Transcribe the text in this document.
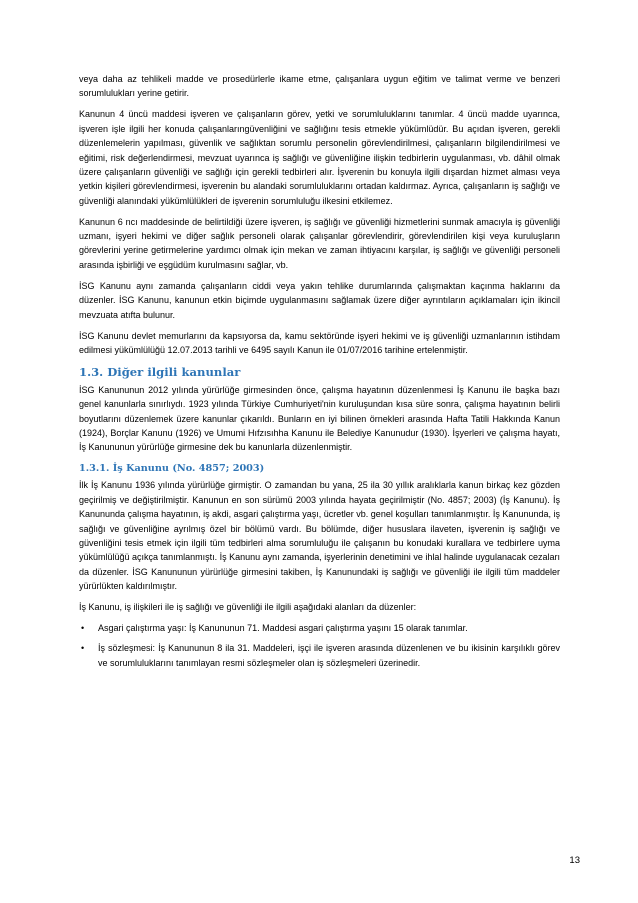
veya daha az tehlikeli madde ve prosedürlerle ikame etme, çalışanlara uygun eğitim ve talimat verme ve benzeri sorumlulukları yerine getirir.

Kanunun 4 üncü maddesi işveren ve çalışanların görev, yetki ve sorumluluklarını tanımlar. 4 üncü madde uyarınca, işveren işle ilgili her konuda çalışanlarıngüvenliğini ve sağlığını tesis etmekle yükümlüdür. Bu açıdan işveren, gerekli düzenlemelerin yapılması, güvenlik ve sağlıktan sorumlu personelin görevlendirilmesi, çalışanların bilgilendirilmesi ve eğitimi, risk değerlendirmesi, mevzuat uyarınca iş sağlığı ve güvenliğine ilişkin tedbirlerin uygulanması, vb. dâhil olmak üzere çalışanların güvenliği ve sağlığı için gerekli tedbirleri alır. İşverenin bu konuyla ilgili dışardan hizmet alması veya yetkin kişileri görevlendirmesi, işverenin bu alandaki sorumluluklarını ortadan kaldırmaz. Ayrıca, çalışanların iş sağlığı ve güvenliği alanındaki yükümlülükleri de işverenin sorumluluğu ilkesini etkilemez.

Kanunun 6 ncı maddesinde de belirtildiği üzere işveren, iş sağlığı ve güvenliği hizmetlerini sunmak amacıyla iş güvenliği uzmanı, işyeri hekimi ve diğer sağlık personeli olarak çalışanlar görevlendirir, görevlendirilen kişi veya kuruluşların görevlerini yerine getirmelerine yardımcı olmak için mekan ve zaman ihtiyacını karşılar, iş sağlığı ve güvenliği personeli arasında işbirliği ve eşgüdüm kurulmasını sağlar, vb.

İSG Kanunu aynı zamanda çalışanların ciddi veya yakın tehlike durumlarında çalışmaktan kaçınma haklarını da düzenler. İSG Kanunu, kanunun etkin biçimde uygulanmasını sağlamak üzere diğer ayrıntıların açıklamaları için ikincil mevzuata atıfta bulunur.

İSG Kanunu devlet memurlarını da kapsıyorsa da, kamu sektöründe işyeri hekimi ve iş güvenliği uzmanlarının istihdam edilmesi yükümlülüğü 12.07.2013 tarihli ve 6495 sayılı Kanun ile 01/07/2016 tarihine ertelenmiştir.

1.3. Diğer ilgili kanunlar

İSG Kanununun 2012 yılında yürürlüğe girmesinden önce, çalışma hayatının düzenlenmesi İş Kanunu ile başka bazı genel kanunlarla sınırlıydı. 1923 yılında Türkiye Cumhuriyeti'nin kuruluşundan kısa süre sonra, çalışma hayatının belirli boyutlarını düzenlemek üzere kanunlar çıkarıldı. Bunların en iyi bilinen örnekleri arasında Hafta Tatili Hakkında Kanun (1924), Borçlar Kanunu (1926) ve Umumi Hıfzısıhha Kanunu ile Belediye Kanunudur (1930). İşyerleri ve çalışma hayatı, İş Kanununun yürürlüğe girmesine dek bu kanunlarla düzenlenmiştir.

1.3.1. İş Kanunu (No. 4857; 2003)

İlk İş Kanunu 1936 yılında yürürlüğe girmiştir. O zamandan bu yana, 25 ila 30 yıllık aralıklarla kanun birkaç kez gözden geçirilmiş ve değiştirilmiştir. Kanunun en son sürümü 2003 yılında hayata geçirilmiştir (No. 4857; 2003) (İş Kanunu). İş Kanununda çalışma hayatının, iş akdi, asgari çalıştırma yaşı, ücretler vb. genel koşulları tanımlanmıştır. İş Kanununda, iş sağlığı ve güvenliğine ayrılmış özel bir bölümü vardı. Bu bölümde, diğer hususlara ilaveten, işverenin iş sağlığı ve güvenliğini tesis etmek için ilgili tüm tedbirleri alma sorumluluğu ile çalışanın bu konudaki kurallara ve tedbirlere uyma yükümlülüğü açıkça tanımlanmıştı. İş Kanunu aynı zamanda, işyerlerinin denetimini ve ihlal halinde uygulanacak cezaları da düzenler. İSG Kanununun yürürlüğe girmesini takiben, İş Kanunundaki iş sağlığı ve güvenliği ile ilgili tüm maddeler yürürlükten kaldırılmıştır.

İş Kanunu, iş ilişkileri ile iş sağlığı ve güvenliği ile ilgili aşağıdaki alanları da düzenler:

• Asgari çalıştırma yaşı: İş Kanununun 71. Maddesi asgari çalıştırma yaşını 15 olarak tanımlar.
• İş sözleşmesi: İş Kanununun 8 ila 31. Maddeleri, işçi ile işveren arasında düzenlenen ve bu ikisinin karşılıklı görev ve sorumluluklarını tanımlayan resmi sözleşmeler olan iş sözleşmeleri üzerinedir.
13
